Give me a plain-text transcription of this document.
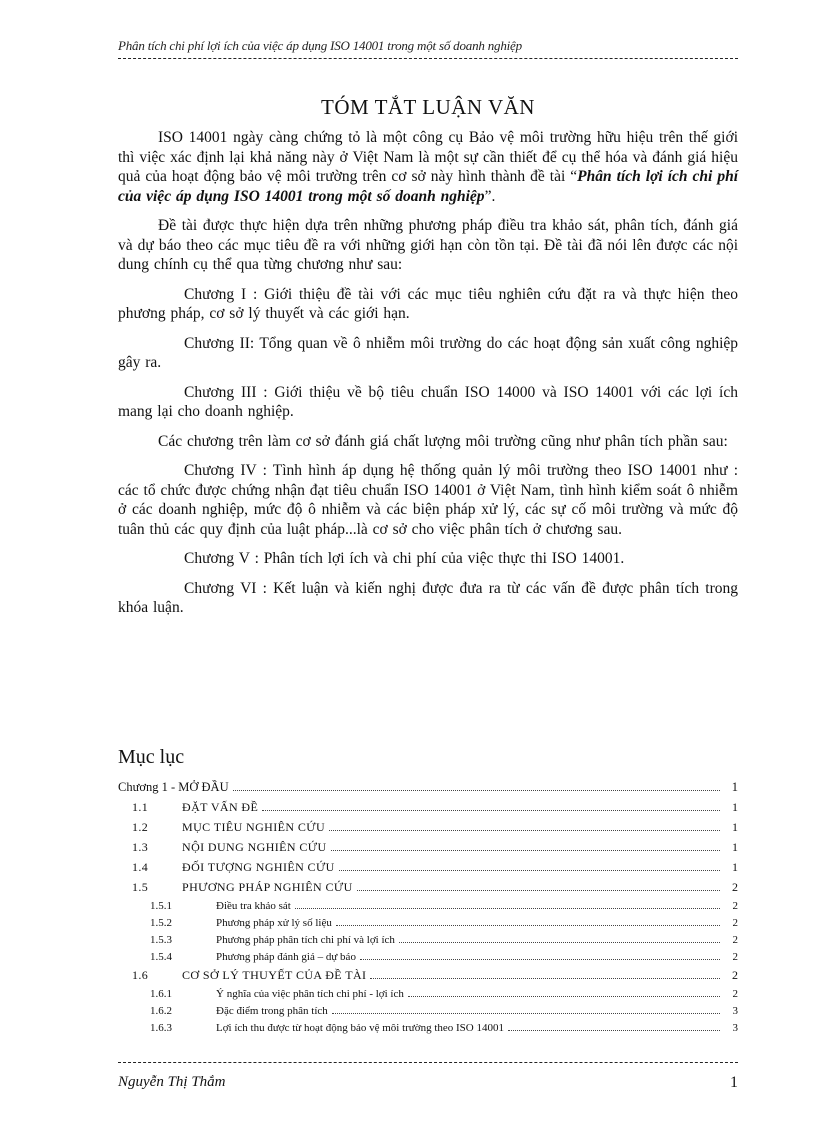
Phân tích chi phí lợi ích của việc áp dụng ISO 14001 trong một số doanh nghiệp
TÓM TẮT LUẬN VĂN

ISO 14001 ngày càng chứng tỏ là một công cụ Bảo vệ môi trường hữu hiệu trên thế giới thì việc xác định lại khả năng này ở Việt Nam là một sự cần thiết để cụ thể hóa và đánh giá hiệu quả của hoạt động bảo vệ môi trường trên cơ sở này hình thành đề tài “Phân tích lợi ích chi phí của việc áp dụng ISO 14001 trong một số doanh nghiệp”.

Đề tài được thực hiện dựa trên những phương pháp điều tra khảo sát, phân tích, đánh giá và dự báo theo các mục tiêu đề ra với những giới hạn còn tồn tại. Đề tài đã nói lên được các nội dung chính cụ thể qua từng chương như sau:

Chương I : Giới thiệu đề tài với các mục tiêu nghiên cứu đặt ra và thực hiện theo phương pháp, cơ sở lý thuyết và các giới hạn.

Chương II: Tổng quan về ô nhiễm môi trường do các hoạt động sản xuất công nghiệp gây ra.

Chương III : Giới thiệu về bộ tiêu chuẩn ISO 14000 và ISO 14001 với các lợi ích mang lại cho doanh nghiệp.

Các chương trên làm cơ sở đánh giá chất lượng môi trường cũng như phân tích phần sau:

Chương IV : Tình hình áp dụng hệ thống quản lý môi trường theo ISO 14001 như : các tổ chức được chứng nhận đạt tiêu chuẩn ISO 14001 ở Việt Nam, tình hình kiểm soát ô nhiễm ở các doanh nghiệp, mức độ ô nhiễm và các biện pháp xử lý, các sự cố môi trường và mức độ tuân thủ các quy định của luật pháp...là cơ sở cho việc phân tích ở chương sau.

Chương V : Phân tích lợi ích và chi phí của việc thực thi ISO 14001.

Chương VI : Kết luận và kiến nghị được đưa ra từ các vấn đề được phân tích trong khóa luận.

Mục lục
Chương 1 - MỞ ĐẦU	1
1.1	ĐẶT VẤN ĐỀ	1
1.2	MỤC TIÊU NGHIÊN CỨU	1
1.3	NỘI DUNG NGHIÊN CỨU	1
1.4	ĐỐI TƯỢNG NGHIÊN CỨU	1
1.5	PHƯƠNG PHÁP NGHIÊN CỨU	2
1.5.1	Điều tra khảo sát	2
1.5.2	Phương pháp xử lý số liệu	2
1.5.3	Phương pháp phân tích chi phí và lợi ích	2
1.5.4	Phương pháp đánh giá – dự báo	2
1.6	CƠ SỞ LÝ THUYẾT CỦA ĐỀ TÀI	2
1.6.1	Ý nghĩa của việc phân tích chi phí - lợi ích	2
1.6.2	Đặc điểm trong phân tích	3
1.6.3	Lợi ích thu được từ hoạt động bảo vệ môi trường theo ISO 14001	3
Nguyễn Thị Thắm	1
